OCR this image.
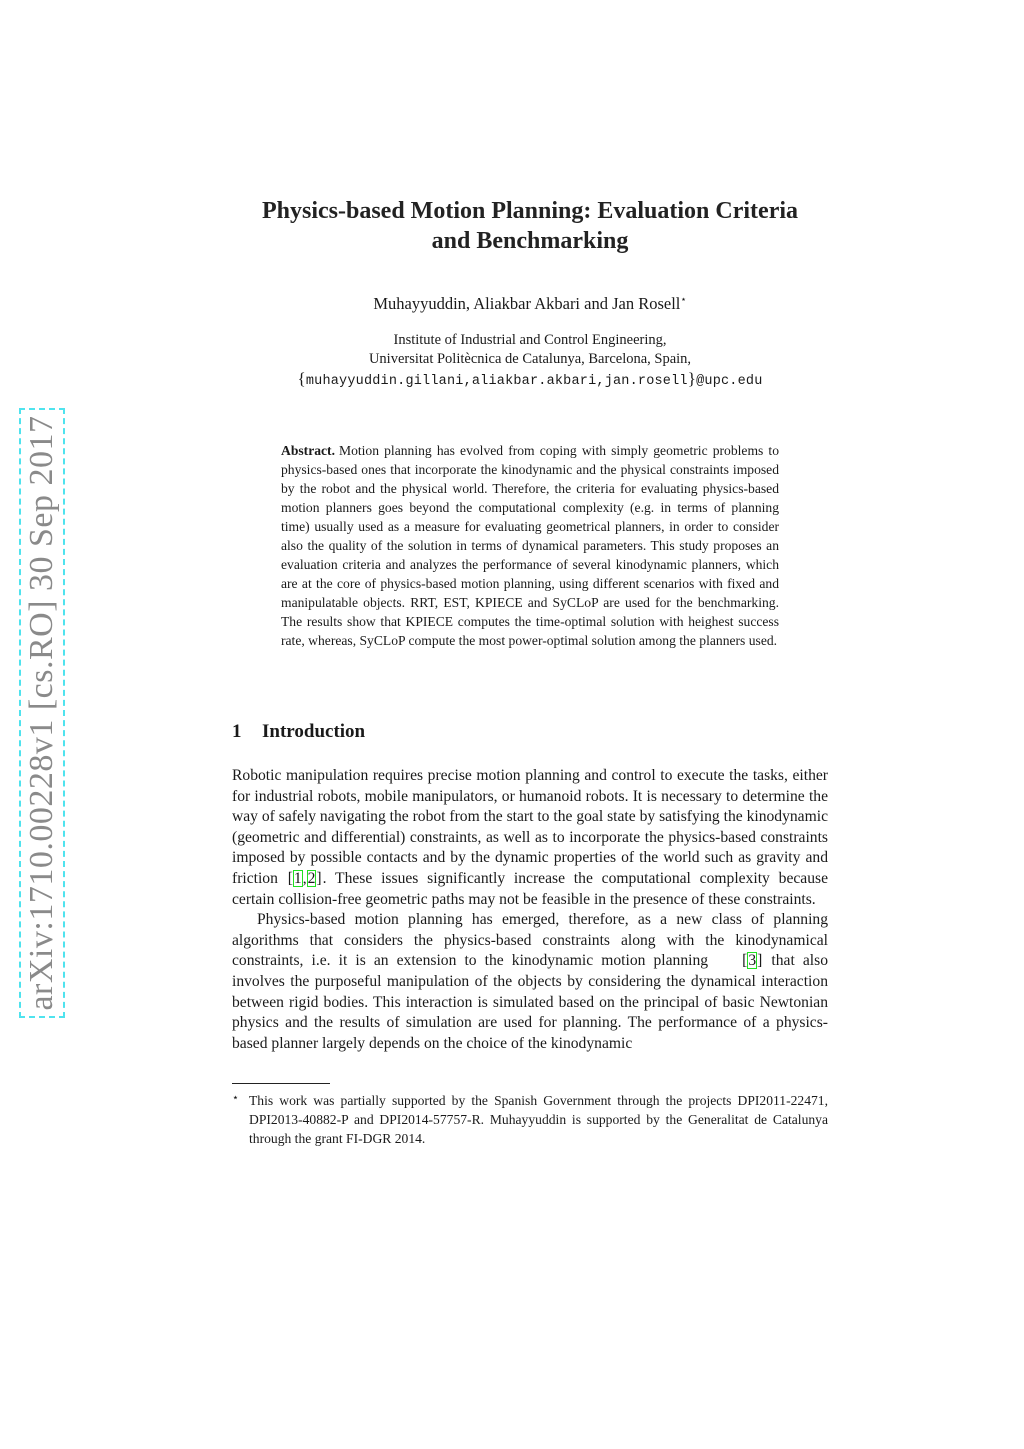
arXiv:1710.00228v1 [cs.RO] 30 Sep 2017
Physics-based Motion Planning: Evaluation Criteria
and Benchmarking
Muhayyuddin, Aliakbar Akbari and Jan Rosell⋆
Institute of Industrial and Control Engineering,
Universitat Politècnica de Catalunya, Barcelona, Spain,
{muhayyuddin.gillani,aliakbar.akbari,jan.rosell}@upc.edu
Abstract. Motion planning has evolved from coping with simply geometric problems to physics-based ones that incorporate the kinodynamic and the physical constraints imposed by the robot and the physical world. Therefore, the criteria for evaluating physics-based motion planners goes beyond the computational complexity (e.g. in terms of planning time) usually used as a measure for evaluating geometrical planners, in order to consider also the quality of the solution in terms of dynamical parameters. This study proposes an evaluation criteria and analyzes the performance of several kinodynamic planners, which are at the core of physics-based motion planning, using different scenarios with fixed and manipulatable objects. RRT, EST, KPIECE and SyCLoP are used for the benchmarking. The results show that KPIECE computes the time-optimal solution with heighest success rate, whereas, SyCLoP compute the most power-optimal solution among the planners used.
1 Introduction

Robotic manipulation requires precise motion planning and control to execute the tasks, either for industrial robots, mobile manipulators, or humanoid robots. It is necessary to determine the way of safely navigating the robot from the start to the goal state by satisfying the kinodynamic (geometric and differential) constraints, as well as to incorporate the physics-based constraints imposed by possible contacts and by the dynamic properties of the world such as gravity and friction [1,2]. These issues significantly increase the computational complexity because certain collision-free geometric paths may not be feasible in the presence of these constraints.

Physics-based motion planning has emerged, therefore, as a new class of planning algorithms that considers the physics-based constraints along with the kinodynamical constraints, i.e. it is an extension to the kinodynamic motion planning [3] that also involves the purposeful manipulation of the objects by considering the dynamical interaction between rigid bodies. This interaction is simulated based on the principal of basic Newtonian physics and the results of simulation are used for planning. The performance of a physics-based planner largely depends on the choice of the kinodynamic

⋆ This work was partially supported by the Spanish Government through the projects DPI2011-22471, DPI2013-40882-P and DPI2014-57757-R. Muhayyuddin is supported by the Generalitat de Catalunya through the grant FI-DGR 2014.
